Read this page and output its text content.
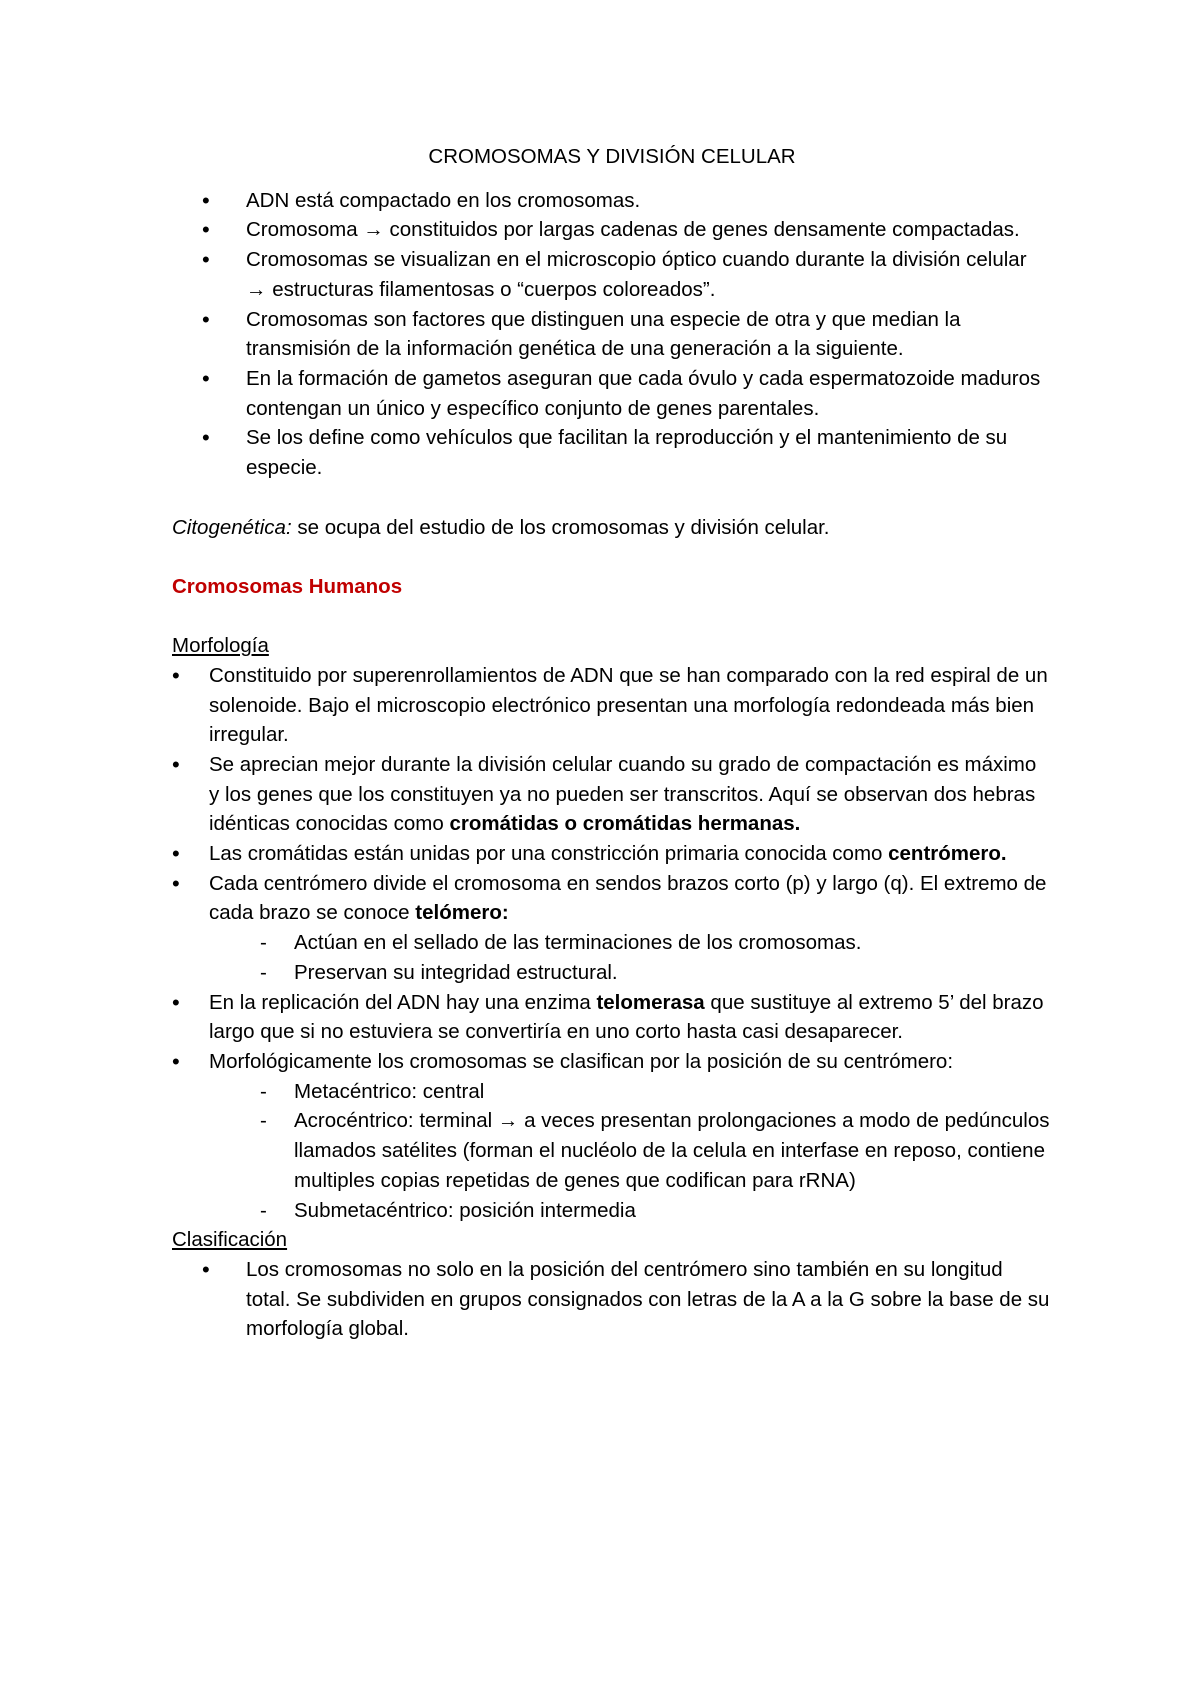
CROMOSOMAS Y DIVISIÓN CELULAR
• ADN está compactado en los cromosomas.
• Cromosoma → constituidos por largas cadenas de genes densamente compactadas.
• Cromosomas se visualizan en el microscopio óptico cuando durante la división celular → estructuras filamentosas o “cuerpos coloreados”.
• Cromosomas son factores que distinguen una especie de otra y que median la transmisión de la información genética de una generación a la siguiente.
• En la formación de gametos aseguran que cada óvulo y cada espermatozoide maduros contengan un único y específico conjunto de genes parentales.
• Se los define como vehículos que facilitan la reproducción y el mantenimiento de su especie.

Citogenética: se ocupa del estudio de los cromosomas y división celular.

Cromosomas Humanos
Morfología
• Constituido por superenrollamientos de ADN que se han comparado con la red espiral de un solenoide. Bajo el microscopio electrónico presentan una morfología redondeada más bien irregular.
• Se aprecian mejor durante la división celular cuando su grado de compactación es máximo y los genes que los constituyen ya no pueden ser transcritos. Aquí se observan dos hebras idénticas conocidas como cromátidas o cromátidas hermanas.
• Las cromátidas están unidas por una constricción primaria conocida como centrómero.
• Cada centrómero divide el cromosoma en sendos brazos corto (p) y largo (q). El extremo de cada brazo se conoce telómero:
- Actúan en el sellado de las terminaciones de los cromosomas.
- Preservan su integridad estructural.
• En la replicación del ADN hay una enzima telomerasa que sustituye al extremo 5’ del brazo largo que si no estuviera se convertiría en uno corto hasta casi desaparecer.
• Morfológicamente los cromosomas se clasifican por la posición de su centrómero:
- Metacéntrico: central
- Acrocéntrico: terminal → a veces presentan prolongaciones a modo de pedúnculos llamados satélites (forman el nucléolo de la celula en interfase en reposo, contiene multiples copias repetidas de genes que codifican para rRNA)
- Submetacéntrico: posición intermedia
Clasificación
• Los cromosomas no solo en la posición del centrómero sino también en su longitud total. Se subdividen en grupos consignados con letras de la A a la G sobre la base de su morfología global.
